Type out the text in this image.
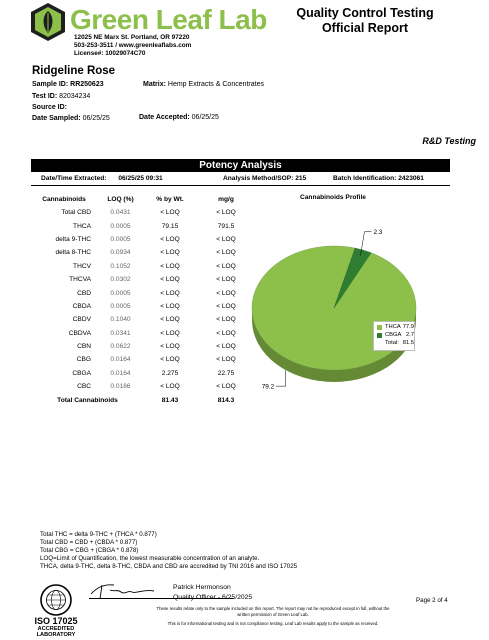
Green Leaf Lab
12025 NE Marx St. Portland, OR 97220
503-253-3511 / www.greenleaflabs.com
License#: 10029074C70
Quality Control Testing
Official Report
Ridgeline Rose
Sample ID: RR250623
Test ID: 82034234
Source ID:
Date Sampled: 06/25/25
Matrix: Hemp Extracts & Concentrates
Date Accepted: 06/25/25
R&D Testing
Potency Analysis
Date/Time Extracted: 06/25/25 09:31	Analysis Method/SOP: 215	Batch Identification: 2423061
Cannabinoids	LOQ (%)	% by Wt.	mg/g
Total CBD	0.0431	< LOQ	< LOQ
THCA	0.0005	79.15	791.5
delta 9-THC	0.0005	< LOQ	< LOQ
delta 8-THC	0.0934	< LOQ	< LOQ
THCV	0.1052	< LOQ	< LOQ
THCVA	0.0302	< LOQ	< LOQ
CBD	0.0005	< LOQ	< LOQ
CBDA	0.0005	< LOQ	< LOQ
CBDV	0.1040	< LOQ	< LOQ
CBDVA	0.0341	< LOQ	< LOQ
CBN	0.0622	< LOQ	< LOQ
CBG	0.0164	< LOQ	< LOQ
CBGA	0.0164	2.275	22.75
CBC	0.0186	< LOQ	< LOQ
Total Cannabinoids		81.43	814.3
Cannabinoids Profile
2.3
79.2
THCA 77.9
CBGA 2.7
Total: 81.5
Total THC = delta 9-THC + (THCA * 0.877)
Total CBD = CBD + (CBDA * 0.877)
Total CBG = CBG + (CBGA * 0.878)
LOQ=Limit of Quantification, the lowest measurable concentration of an analyte.
THCA, delta 9-THC, delta 8-THC, CBDA and CBD are accredited by TNI 2016 and ISO 17025
ISO 17025
ACCREDITED
LABORATORY
Patrick Hermonson
Quality Officer - 6/25/2025	Page 2 of 4
These results relate only to the sample included on this report. The report may not be reproduced except in full, without the
written permission of Green Leaf Lab.
This is for informational testing and is not compliance testing. Leaf Lab results apply to the sample as received.
